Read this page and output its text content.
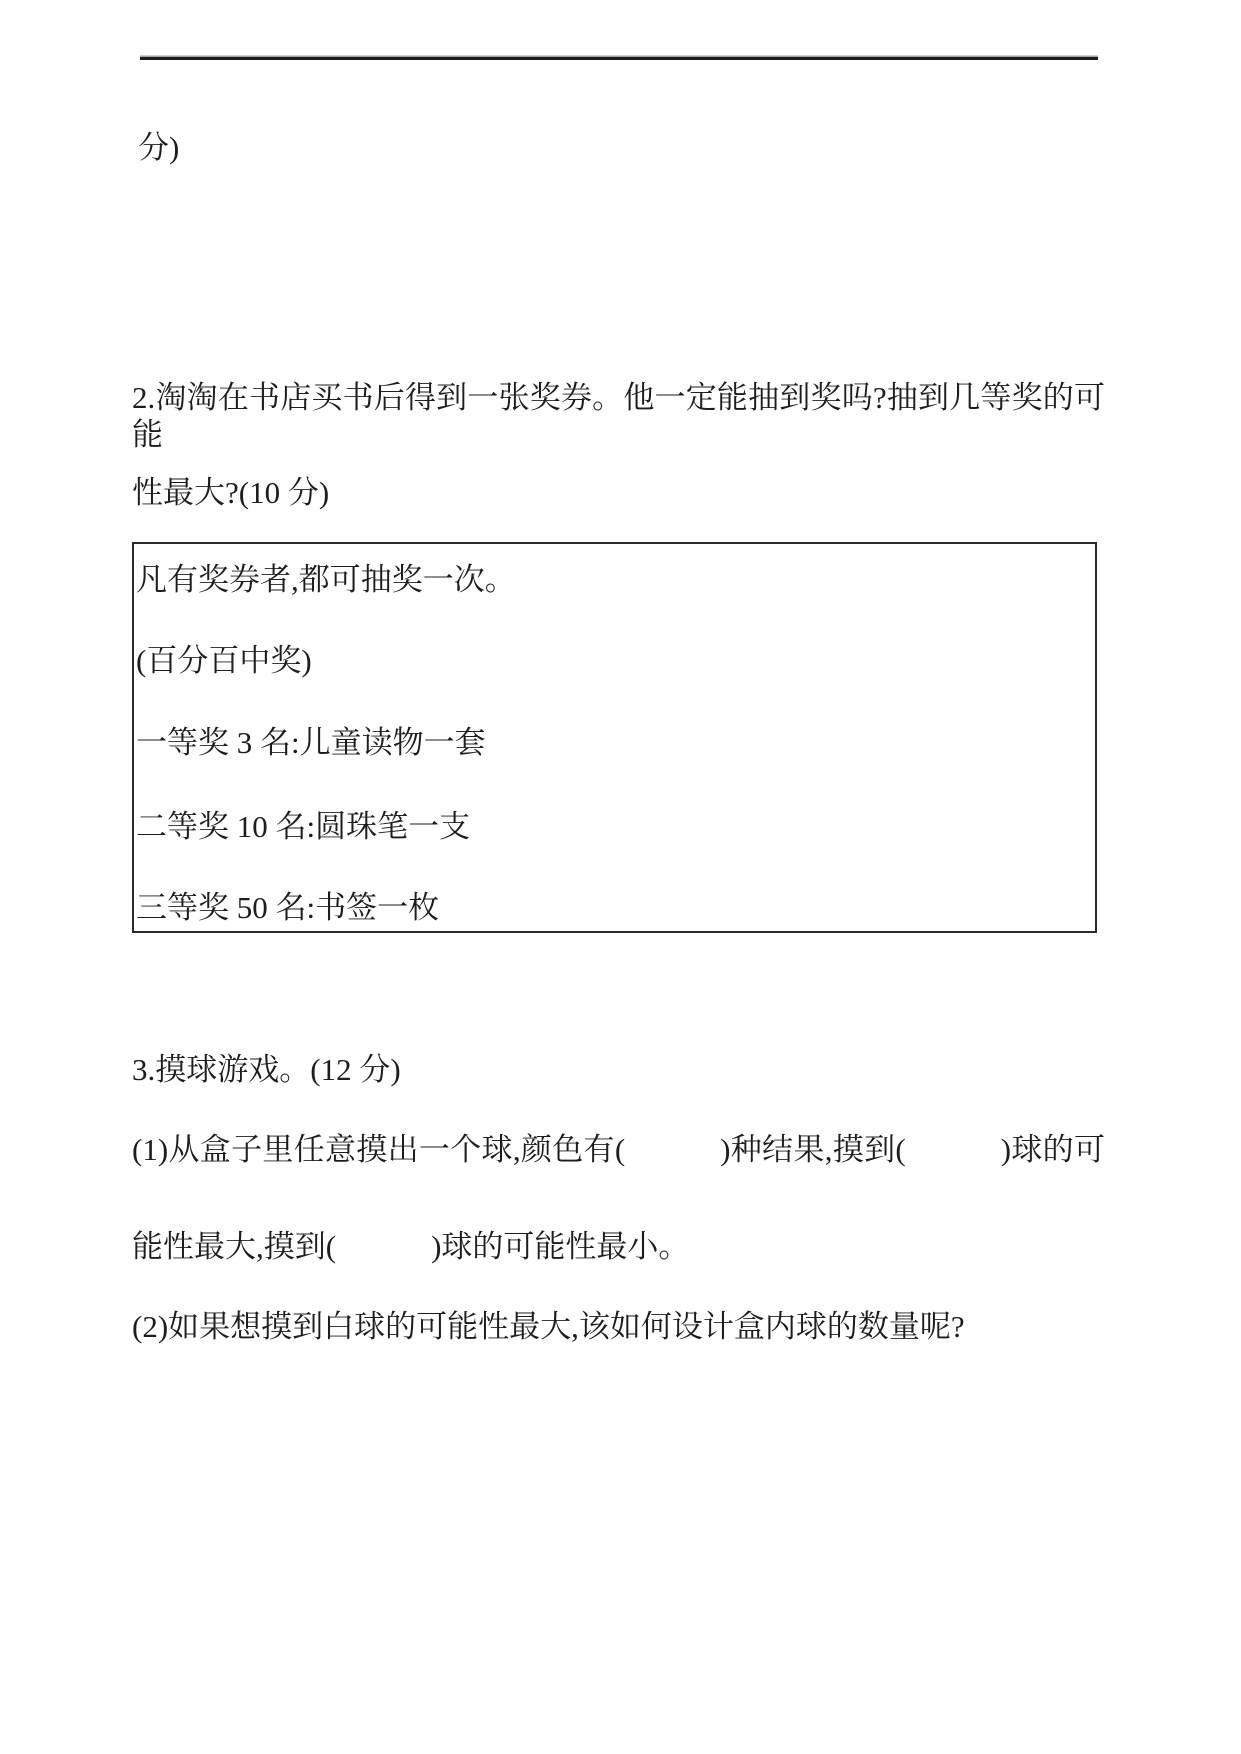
分)
2.淘淘在书店买书后得到一张奖券。他一定能抽到奖吗?抽到几等奖的可能
性最大?(10 分)
凡有奖券者,都可抽奖一次。
(百分百中奖)
一等奖 3 名:儿童读物一套
二等奖 10 名:圆珠笔一支
三等奖 50 名:书签一枚
3.摸球游戏。(12 分)
(1)从盒子里任意摸出一个球,颜色有(	)种结果,摸到(	)球的可
能性最大,摸到(	)球的可能性最小。
(2)如果想摸到白球的可能性最大,该如何设计盒内球的数量呢?
